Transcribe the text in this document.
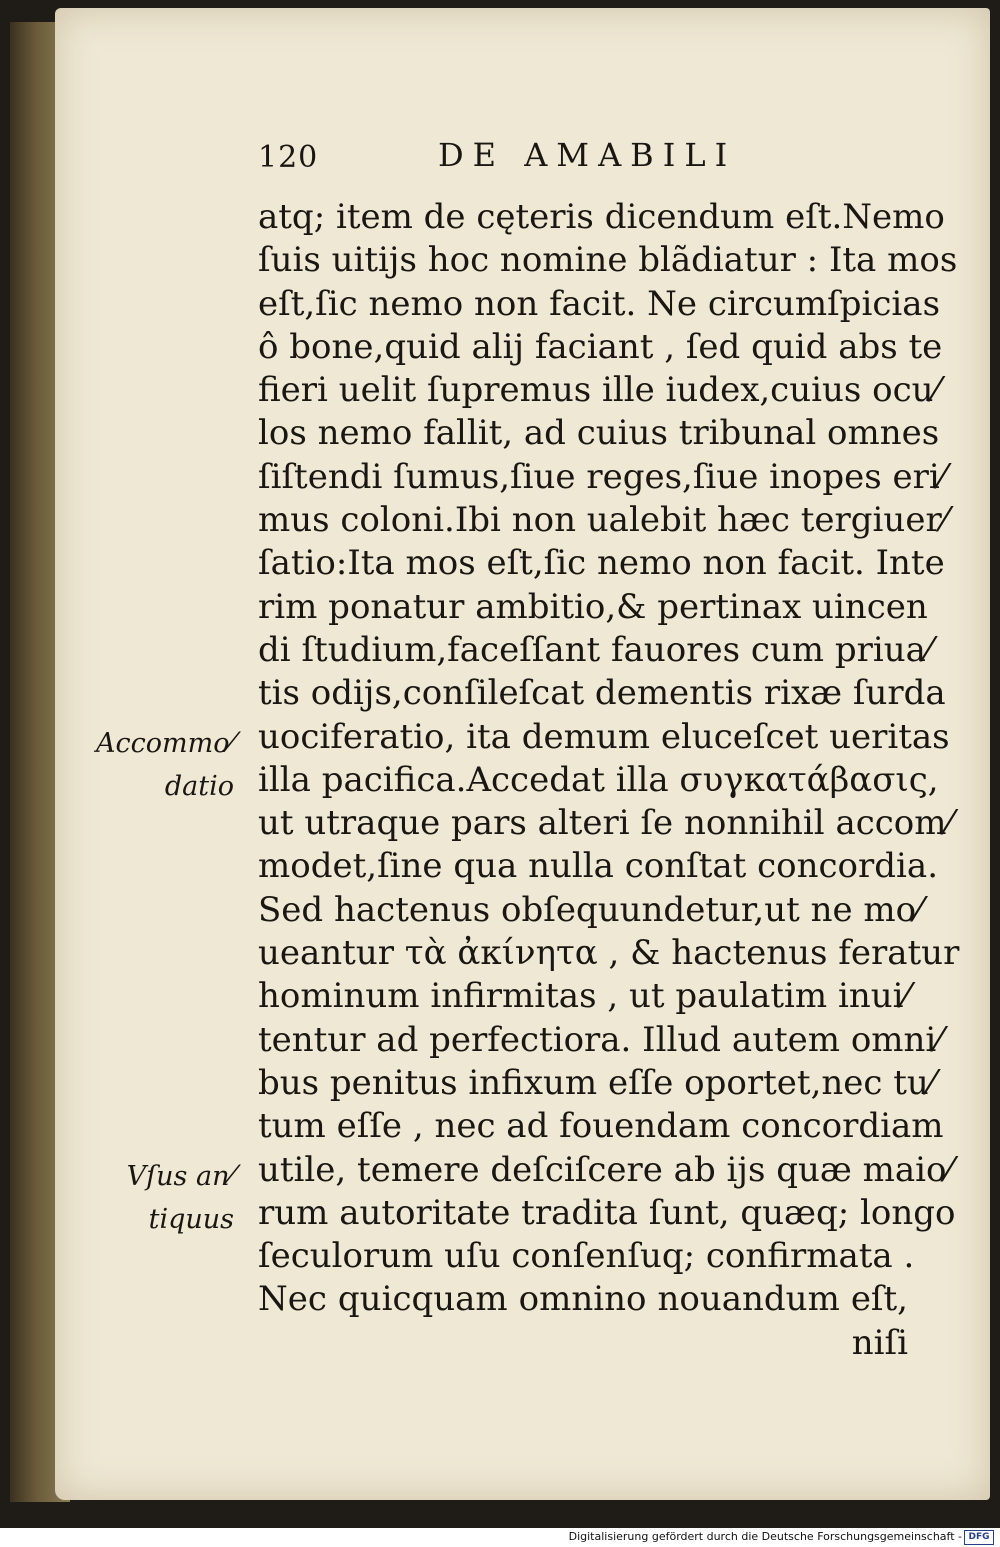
120	DE AMABILI
Accommo⁄
datio
Vſus an⁄
tiquus
atq; item de cęteris dicendum eſt.Nemo
ſuis uitijs hoc nomine blãdiatur : Ita mos
eſt,ſic nemo non facit. Ne circumſpicias
ô bone,quid alij faciant , ſed quid abs te
fieri uelit ſupremus ille iudex,cuius ocu⁄
los nemo fallit, ad cuius tribunal omnes
ſiſtendi ſumus,ſiue reges,ſiue inopes eri⁄
mus coloni.Ibi non ualebit hæc tergiuer⁄
ſatio:Ita mos eſt,ſic nemo non facit. Inte
rim ponatur ambitio,& pertinax uincen
di ſtudium,faceſſant fauores cum priua⁄
tis odijs,conſileſcat dementis rixæ ſurda
uociferatio, ita demum eluceſcet ueritas
illa pacifica.Accedat illa συγκατάβασις,
ut utraque pars alteri ſe nonnihil accom⁄
modet,ſine qua nulla conſtat concordia.
Sed hactenus obſequundetur,ut ne mo⁄
ueantur τὰ ἀκίνητα , & hactenus feratur
hominum infirmitas , ut paulatim inui⁄
tentur ad perfectiora. Illud autem omni⁄
bus penitus infixum eſſe oportet,nec tu⁄
tum eſſe , nec ad fouendam concordiam
utile, temere deſciſcere ab ijs quæ maio⁄
rum autoritate tradita ſunt, quæq; longo
ſeculorum uſu conſenſuq; confirmata .
Nec quicquam omnino nouandum eſt,
niſi
Digitalisierung gefördert durch die Deutsche Forschungsgemeinschaft - DFG
